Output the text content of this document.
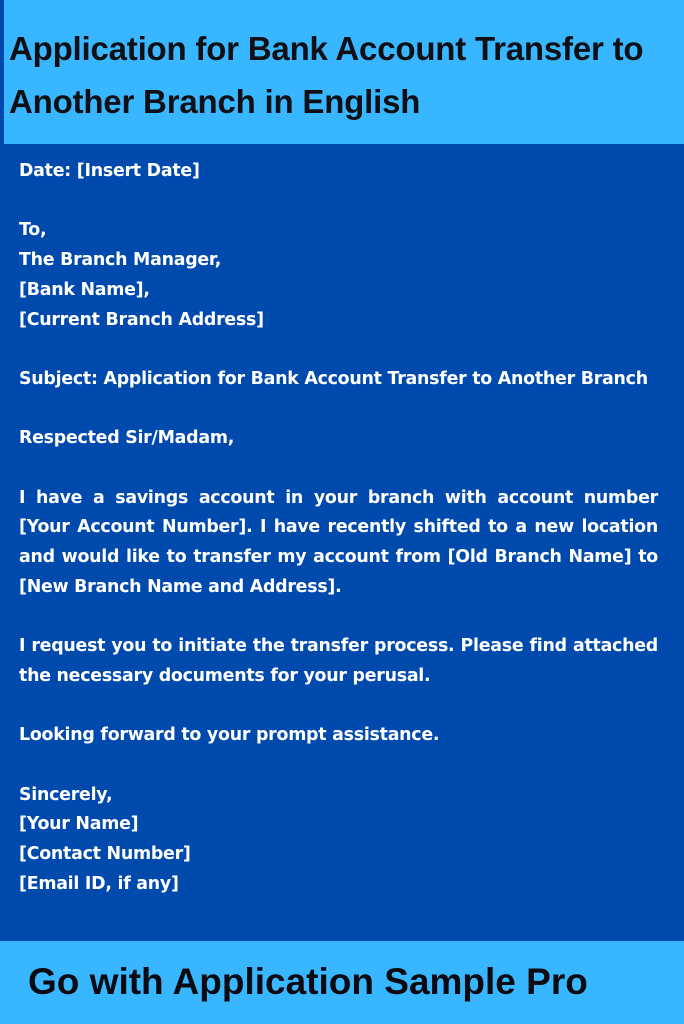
Application for Bank Account Transfer to Another Branch in English

Date: [Insert Date]

To,

The Branch Manager,

[Bank Name],

[Current Branch Address]

Subject: Application for Bank Account Transfer to Another Branch

Respected Sir/Madam,

I have a savings account in your branch with account number [Your Account Number]. I have recently shifted to a new location and would like to transfer my account from [Old Branch Name] to [New Branch Name and Address].

I request you to initiate the transfer process. Please find attached the necessary documents for your perusal.

Looking forward to your prompt assistance.

Sincerely,

[Your Name]

[Contact Number]

[Email ID, if any]

Go with Application Sample Pro
